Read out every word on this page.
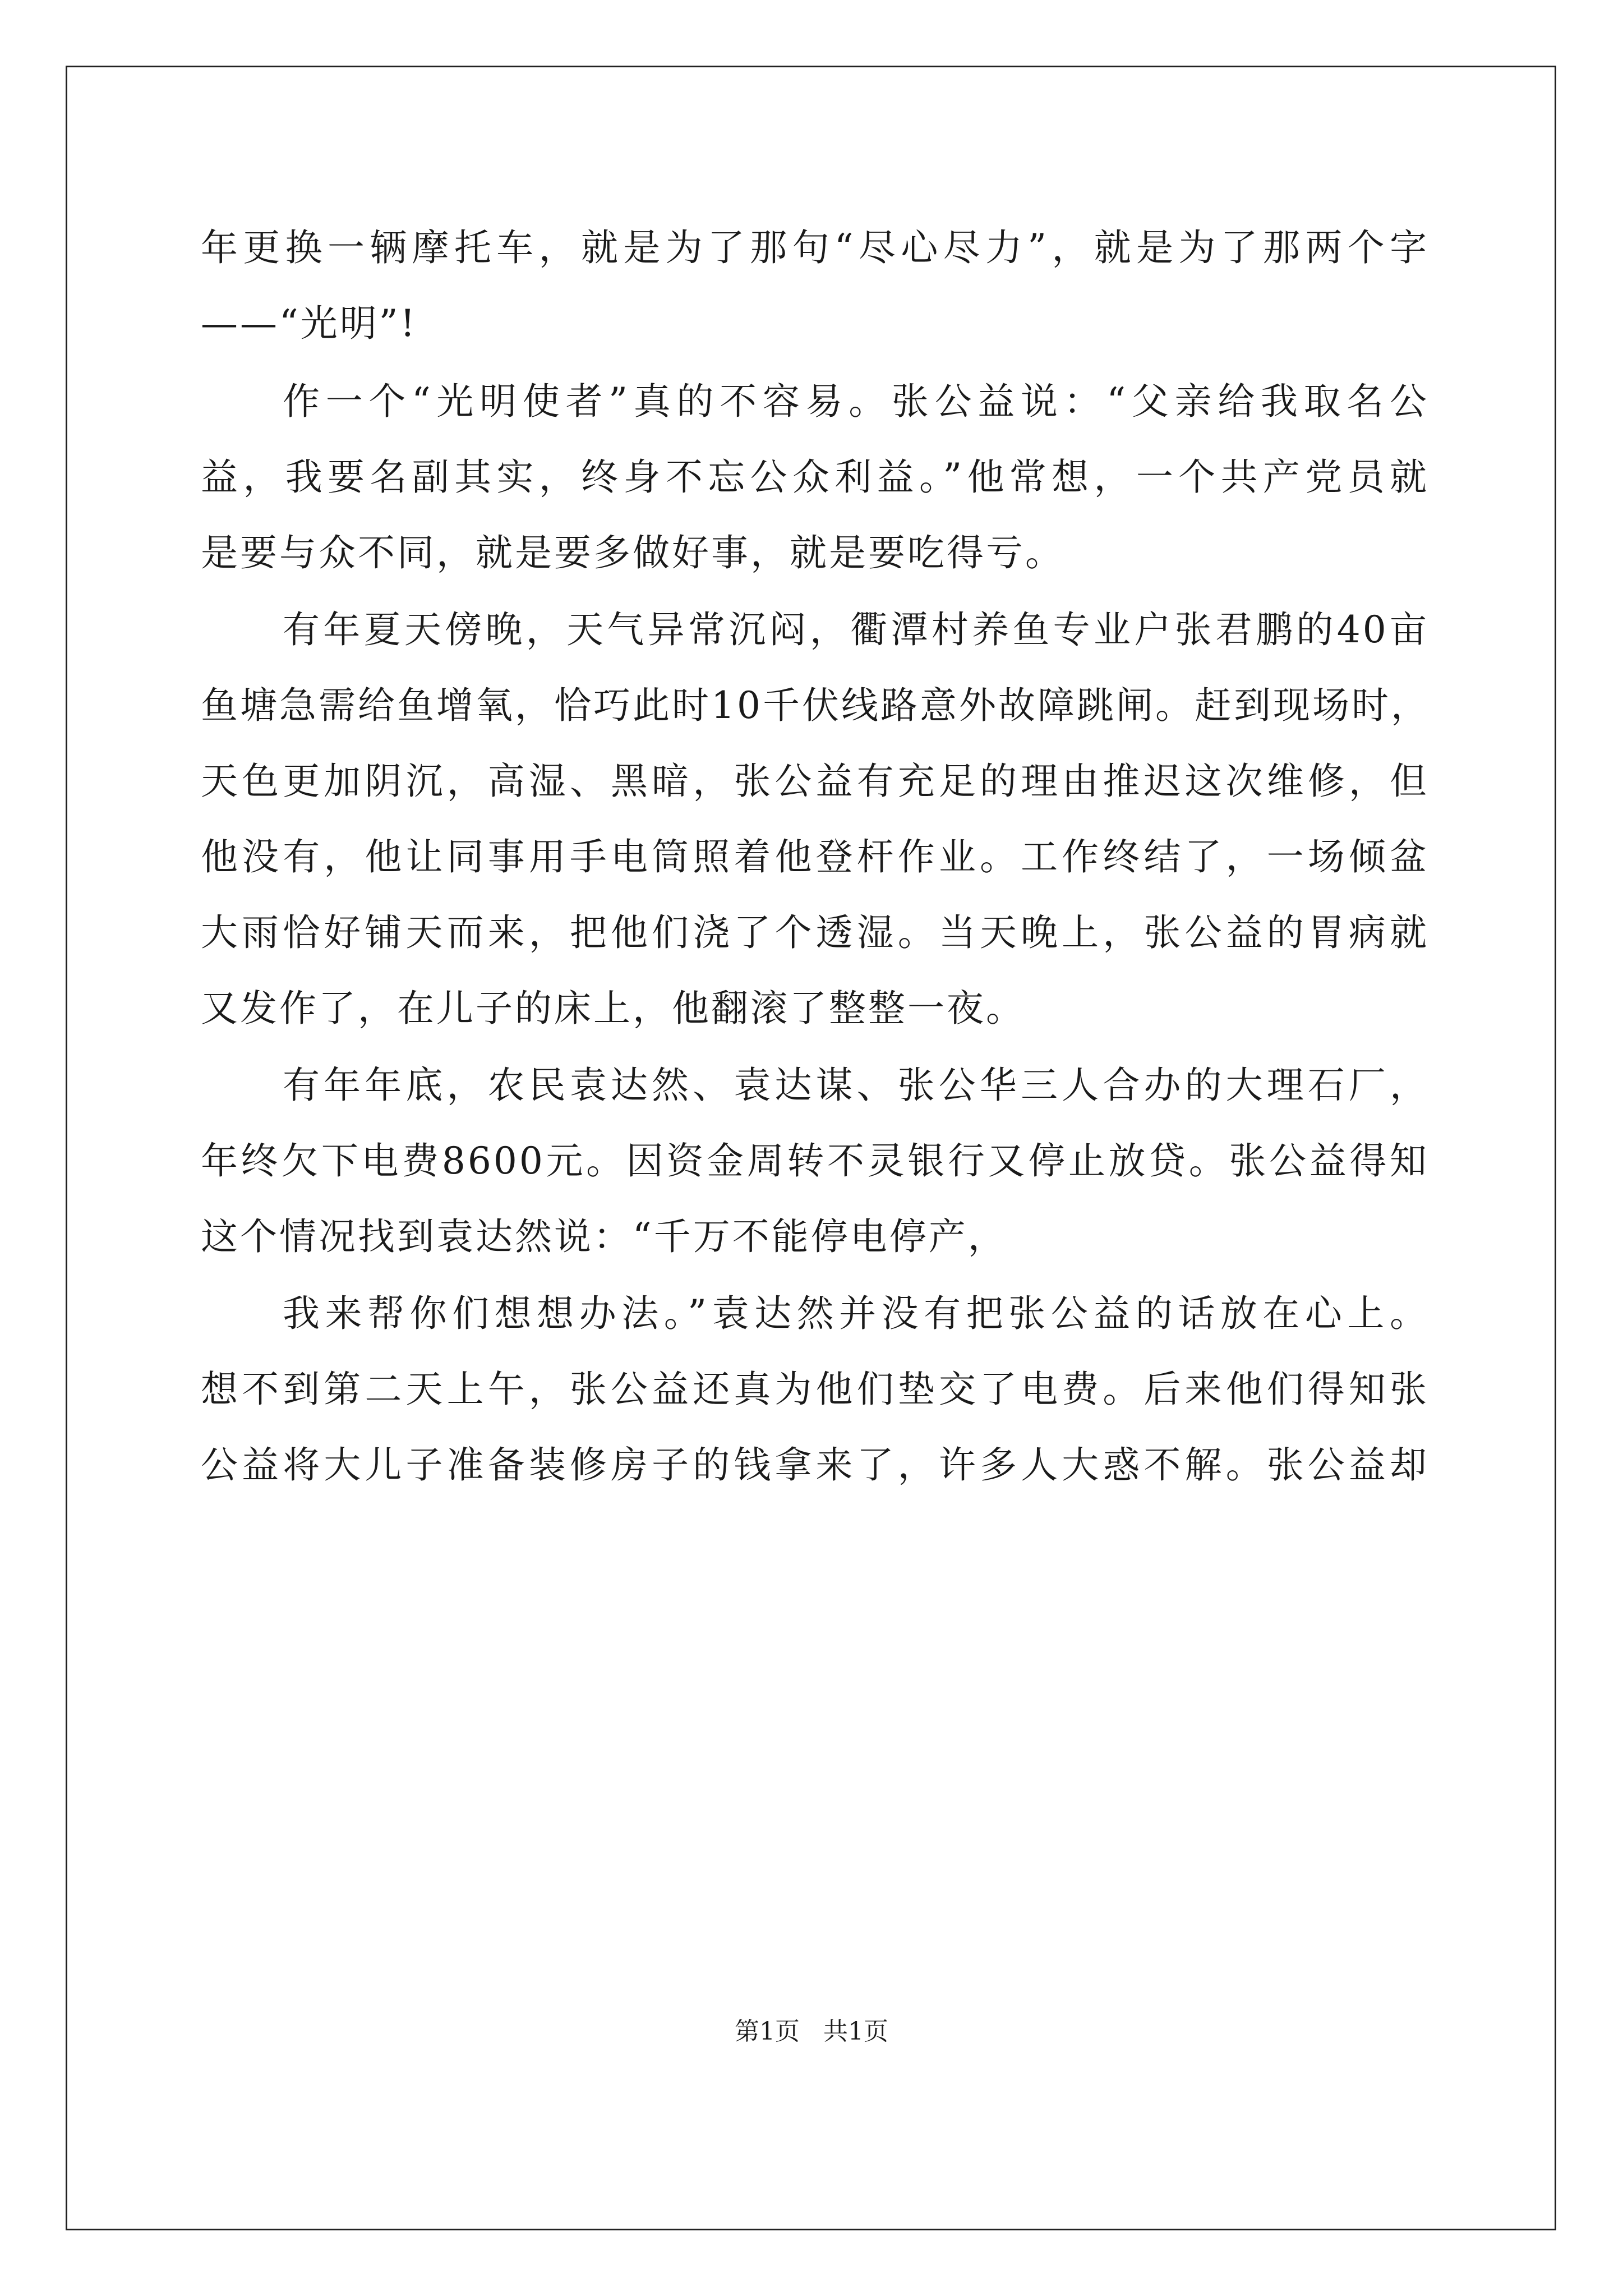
年更换一辆摩托车，就是为了那句“尽心尽力”，就是为了那两个字
——“光明”!
作一个“光明使者”真的不容易。张公益说：“父亲给我取名公
益，我要名副其实，终身不忘公众利益。”他常想，一个共产党员就
是要与众不同，就是要多做好事，就是要吃得亏。
有年夏天傍晚，天气异常沉闷，衢潭村养鱼专业户张君鹏的40亩
鱼塘急需给鱼增氧，恰巧此时10千伏线路意外故障跳闸。赶到现场时，
天色更加阴沉，高湿、黑暗，张公益有充足的理由推迟这次维修，但
他没有，他让同事用手电筒照着他登杆作业。工作终结了，一场倾盆
大雨恰好铺天而来，把他们浇了个透湿。当天晚上，张公益的胃病就
又发作了，在儿子的床上，他翻滚了整整一夜。
有年年底，农民袁达然、袁达谋、张公华三人合办的大理石厂，
年终欠下电费8600元。因资金周转不灵银行又停止放贷。张公益得知
这个情况找到袁达然说：“千万不能停电停产，
我来帮你们想想办法。”袁达然并没有把张公益的话放在心上。
想不到第二天上午，张公益还真为他们垫交了电费。后来他们得知张
公益将大儿子准备装修房子的钱拿来了，许多人大惑不解。张公益却
第1页 共1页
